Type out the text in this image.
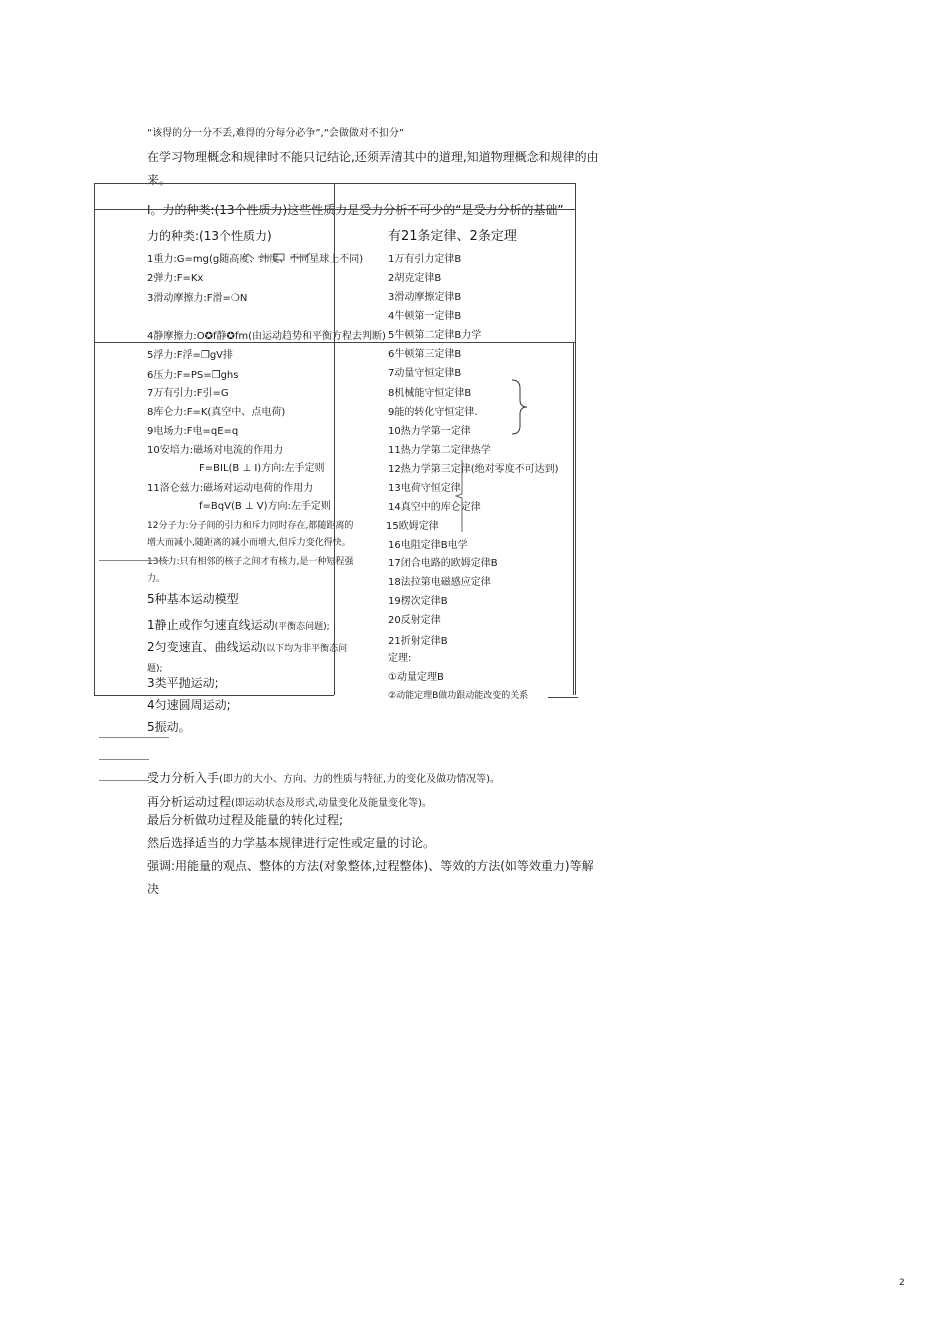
“该得的分一分不丢,难得的分每分必争”,“会做做对不扣分”
在学习物理概念和规律时不能只记结论,还须弄清其中的道理,知道物理概念和规律的由
来。
I。力的种类:(13个性质力)这些性质力是受力分析不可少的“是受力分析的基础”
力的种类:(13个性质力)
1重力:G=mg(g随高度、纬度、不同星球上不同)
2弹力:F=Kx
3滑动摩擦力:F滑=❍N
4静摩擦力:O✪f静✪fm(由运动趋势和平衡方程去判断)
5浮力:F浮=❐gV排
6压力:F=PS=❐ghs
7万有引力:F引=G
8库仑力:F=K(真空中、点电荷)
9电场力:F电=qE=q
10安培力:磁场对电流的作用力
F=BIL(B ⊥ I)方向:左手定则
11洛仑兹力:磁场对运动电荷的作用力
f=BqV(B ⊥ V)方向:左手定则
12分子力:分子间的引力和斥力同时存在,都随距离的
增大而减小,随距离的减小而增大,但斥力变化得快。
13核力:只有相邻的核子之间才有核力,是一种短程强
力。
有21条定律、2条定理
1万有引力定律B
2胡克定律B
3滑动摩擦定律B
4牛顿第一定律B
5牛顿第二定律B力学
6牛顿第三定律B
7动量守恒定律B
8机械能守恒定律B
9能的转化守恒定律.
10热力学第一定律
11热力学第二定律热学
12热力学第三定律(绝对零度不可达到)
13电荷守恒定律
14真空中的库仑定律
15欧姆定律
16电阻定律B电学
17闭合电路的欧姆定律B
18法拉第电磁感应定律
19楞次定律B
20反射定律
21折射定律B
定理:
①动量定理B
②动能定理B做功跟动能改变的关系
5种基本运动模型
1静止或作匀速直线运动(平衡态问题);
2匀变速直、曲线运动(以下均为非平衡态问
题);
3类平抛运动;
4匀速圆周运动;
5振动。
受力分析入手(即力的大小、方向、力的性质与特征,力的变化及做功情况等)。
再分析运动过程(即运动状态及形式,动量变化及能量变化等)。
最后分析做功过程及能量的转化过程;
然后选择适当的力学基本规律进行定性或定量的讨论。
强调:用能量的观点、整体的方法(对象整体,过程整体)、等效的方法(如等效重力)等解
决
2
